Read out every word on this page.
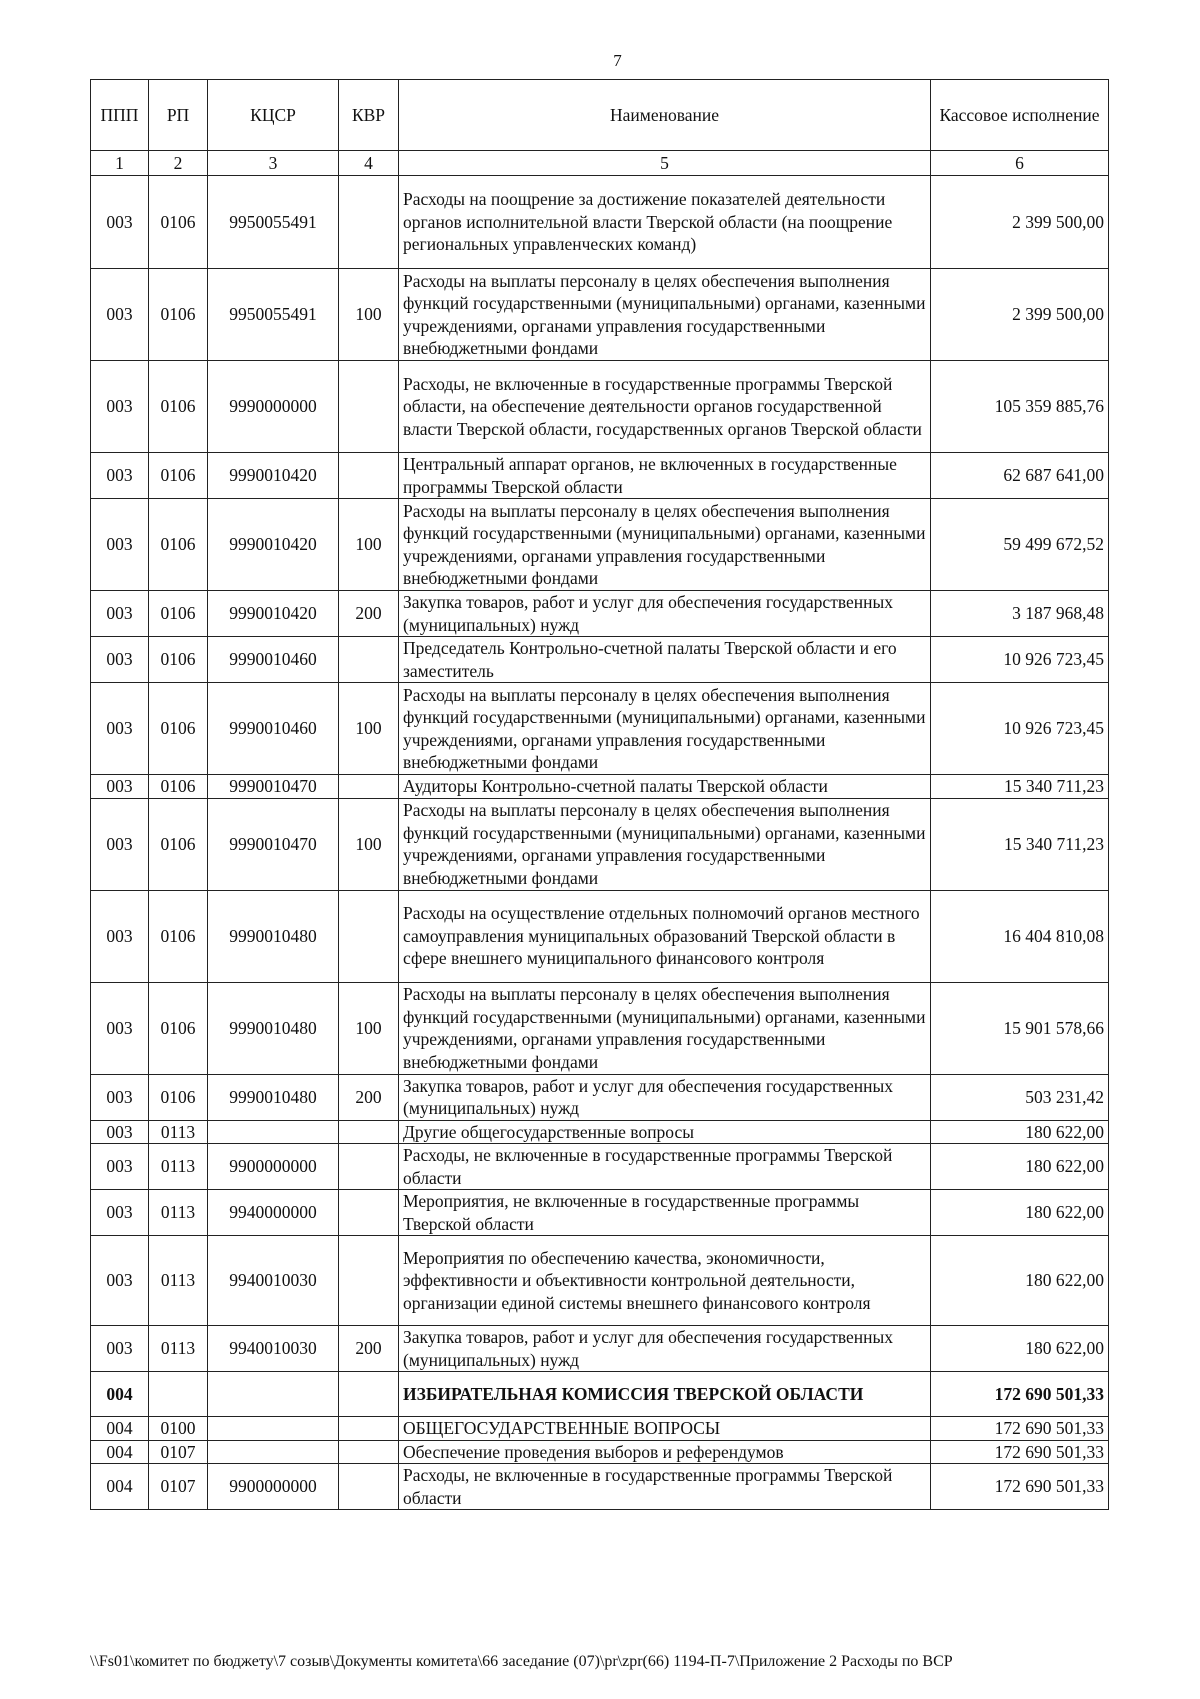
7
ППП	РП	КЦСР	КВР	Наименование	Кассовое исполнение
1	2	3	4	5	6
003	0106	9950055491		Расходы на поощрение за достижение показателей деятельности органов исполнительной власти Тверской области (на поощрение региональных управленческих команд)	2 399 500,00
003	0106	9950055491	100	Расходы на выплаты персоналу в целях обеспечения выполнения функций государственными (муниципальными) органами, казенными учреждениями, органами управления государственными внебюджетными фондами	2 399 500,00
003	0106	9990000000		Расходы, не включенные в государственные программы Тверской области, на обеспечение деятельности органов государственной власти Тверской области, государственных органов Тверской области	105 359 885,76
003	0106	9990010420		Центральный аппарат органов, не включенных в государственные программы Тверской области	62 687 641,00
003	0106	9990010420	100	Расходы на выплаты персоналу в целях обеспечения выполнения функций государственными (муниципальными) органами, казенными учреждениями, органами управления государственными внебюджетными фондами	59 499 672,52
003	0106	9990010420	200	Закупка товаров, работ и услуг для обеспечения государственных (муниципальных) нужд	3 187 968,48
003	0106	9990010460		Председатель Контрольно-счетной палаты Тверской области и его заместитель	10 926 723,45
003	0106	9990010460	100	Расходы на выплаты персоналу в целях обеспечения выполнения функций государственными (муниципальными) органами, казенными учреждениями, органами управления государственными внебюджетными фондами	10 926 723,45
003	0106	9990010470		Аудиторы Контрольно-счетной палаты Тверской области	15 340 711,23
003	0106	9990010470	100	Расходы на выплаты персоналу в целях обеспечения выполнения функций государственными (муниципальными) органами, казенными учреждениями, органами управления государственными внебюджетными фондами	15 340 711,23
003	0106	9990010480		Расходы на осуществление отдельных полномочий органов местного самоуправления муниципальных образований Тверской области в сфере внешнего муниципального финансового контроля	16 404 810,08
003	0106	9990010480	100	Расходы на выплаты персоналу в целях обеспечения выполнения функций государственными (муниципальными) органами, казенными учреждениями, органами управления государственными внебюджетными фондами	15 901 578,66
003	0106	9990010480	200	Закупка товаров, работ и услуг для обеспечения государственных (муниципальных) нужд	503 231,42
003	0113			Другие общегосударственные вопросы	180 622,00
003	0113	9900000000		Расходы, не включенные в государственные программы Тверской области	180 622,00
003	0113	9940000000		Мероприятия, не включенные в государственные программы Тверской области	180 622,00
003	0113	9940010030		Мероприятия по обеспечению качества, экономичности, эффективности и объективности контрольной деятельности, организации единой системы внешнего финансового контроля	180 622,00
003	0113	9940010030	200	Закупка товаров, работ и услуг для обеспечения государственных (муниципальных) нужд	180 622,00
004				ИЗБИРАТЕЛЬНАЯ КОМИССИЯ ТВЕРСКОЙ ОБЛАСТИ	172 690 501,33
004	0100			ОБЩЕГОСУДАРСТВЕННЫЕ ВОПРОСЫ	172 690 501,33
004	0107			Обеспечение проведения выборов и референдумов	172 690 501,33
004	0107	9900000000		Расходы, не включенные в государственные программы Тверской области	172 690 501,33
\\Fs01\комитет по бюджету\7 созыв\Документы комитета\66 заседание (07)\pr\zpr(66) 1194-П-7\Приложение 2 Расходы по ВСР
